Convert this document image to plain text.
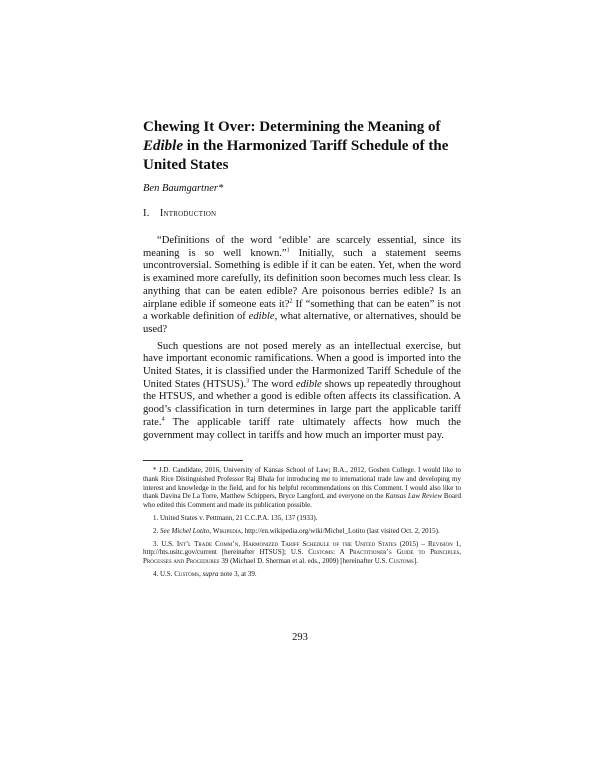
Chewing It Over: Determining the Meaning of
Edible in the Harmonized Tariff Schedule of the United States
Ben Baumgartner*
I. Introduction

“Definitions of the word ‘edible’ are scarcely essential, since its meaning is so well known.”$^1$ Initially, such a statement seems uncontroversial. Something is edible if it can be eaten. Yet, when the word is examined more carefully, its definition soon becomes much less clear. Is anything that can be eaten edible? Are poisonous berries edible? Is an airplane edible if someone eats it?$^2$ If “something that can be eaten” is not a workable definition of edible, what alternative, or alternatives, should be used?

Such questions are not posed merely as an intellectual exercise, but have important economic ramifications. When a good is imported into the United States, it is classified under the Harmonized Tariff Schedule of the United States (HTSUS).$^3$ The word edible shows up repeatedly throughout the HTSUS, and whether a good is edible often affects its classification. A good’s classification in turn determines in large part the applicable tariff rate.$^4$ The applicable tariff rate ultimately affects how much the government may collect in tariffs and how much an importer must pay.

* J.D. Candidate, 2016, University of Kansas School of Law; B.A., 2012, Goshen College. I would like to thank Rice Distinguished Professor Raj Bhala for introducing me to international trade law and developing my interest and knowledge in the field, and for his helpful recommendations on this Comment. I would also like to thank Davina De La Torre, Matthew Schippers, Bryce Langford, and everyone on the Kansas Law Review Board who edited this Comment and made its publication possible.

1. United States v. Pettmann, 21 C.C.P.A. 135, 137 (1933).

2. See Michel Lotito, Wikipedia, http://en.wikipedia.org/wiki/Michel_Lotito (last visited Oct. 2, 2015).

3. U.S. Int’l Trade Comm’n, Harmonized Tariff Schedule of the United States (2015) – Revision 1, http://hts.usitc.gov/current [hereinafter HTSUS]; U.S. Customs: A Practitioner’s Guide to Principles, Processes and Procedures 39 (Michael D. Sherman et al. eds., 2009) [hereinafter U.S. Customs].

4. U.S. Customs, supra note 3, at 39.

293
